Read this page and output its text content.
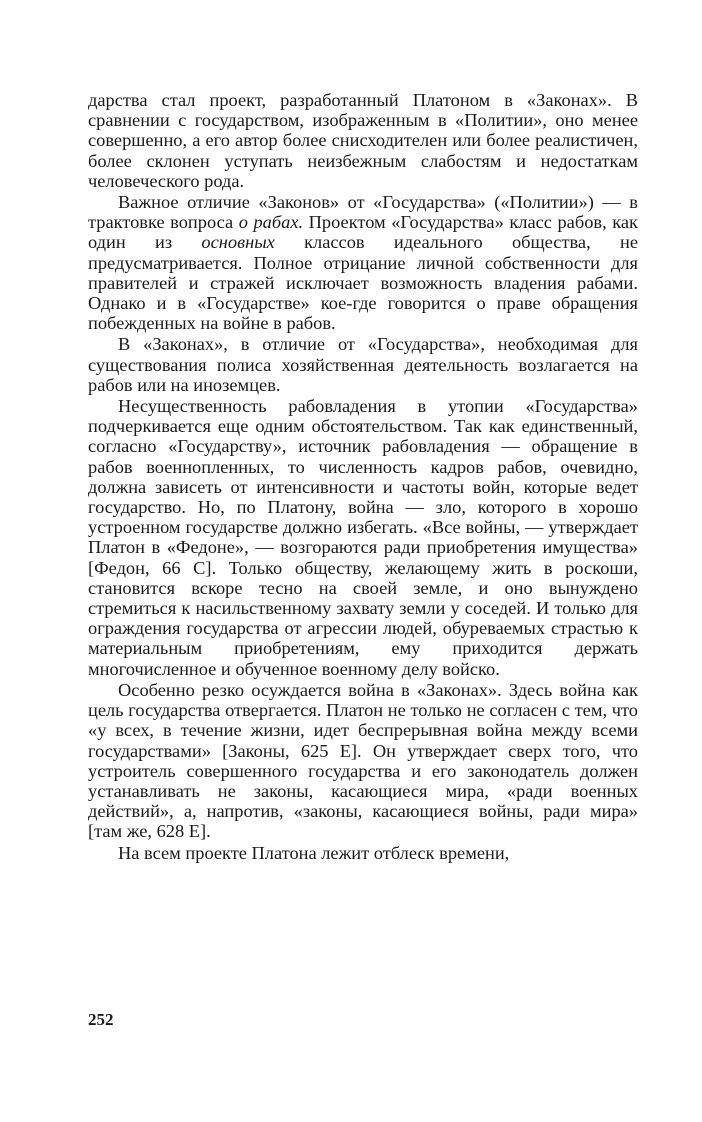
дарства стал проект, разработанный Платоном в «Законах». В сравнении с государством, изображенным в «Политии», оно менее совершенно, а его автор более снисходителен или более реалистичен, более склонен уступать неизбежным слабостям и недостаткам человеческого рода.

Важное отличие «Законов» от «Государства» («Политии») — в трактовке вопроса о рабах. Проектом «Государства» класс рабов, как один из основных классов идеального общества, не предусматривается. Полное отрицание личной собственности для правителей и стражей исключает возможность владения рабами. Однако и в «Государстве» кое-где говорится о праве обращения побежденных на войне в рабов.

В «Законах», в отличие от «Государства», необходимая для существования полиса хозяйственная деятельность возлагается на рабов или на иноземцев.

Несущественность рабовладения в утопии «Государства» подчеркивается еще одним обстоятельством. Так как единственный, согласно «Государству», источник рабовладения — обращение в рабов военнопленных, то численность кадров рабов, очевидно, должна зависеть от интенсивности и частоты войн, которые ведет государство. Но, по Платону, война — зло, которого в хорошо устроенном государстве должно избегать. «Все войны, — утверждает Платон в «Федоне», — возгораются ради приобретения имущества» [Федон, 66 С]. Только обществу, желающему жить в роскоши, становится вскоре тесно на своей земле, и оно вынуждено стремиться к насильственному захвату земли у соседей. И только для ограждения государства от агрессии людей, обуреваемых страстью к материальным приобретениям, ему приходится держать многочисленное и обученное военному делу войско.

Особенно резко осуждается война в «Законах». Здесь война как цель государства отвергается. Платон не только не согласен с тем, что «у всех, в течение жизни, идет беспрерывная война между всеми государствами» [Законы, 625 E]. Он утверждает сверх того, что устроитель совершенного государства и его законодатель должен устанавливать не законы, касающиеся мира, «ради военных действий», а, напротив, «законы, касающиеся войны, ради мира» [там же, 628 E].

На всем проекте Платона лежит отблеск времени,

252
